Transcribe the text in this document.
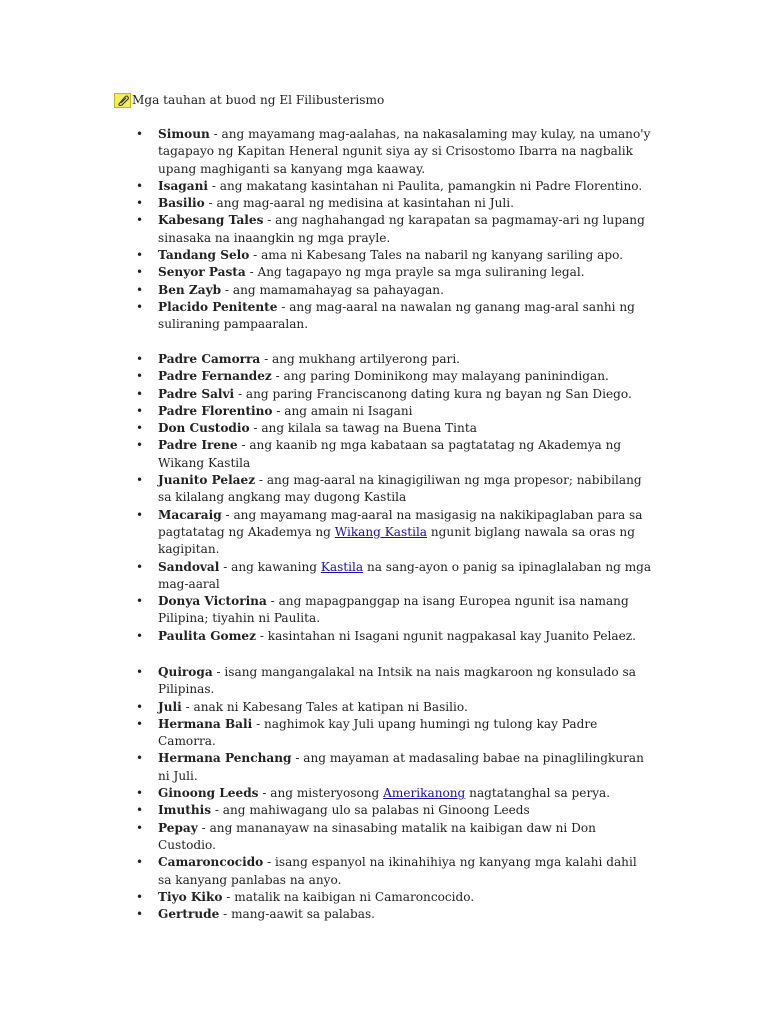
Mga tauhan at buod ng El Filibusterismo
• Simoun - ang mayamang mag-aalahas, na nakasalaming may kulay, na umano'y tagapayo ng Kapitan Heneral ngunit siya ay si Crisostomo Ibarra na nagbalik upang maghiganti sa kanyang mga kaaway.
• Isagani - ang makatang kasintahan ni Paulita, pamangkin ni Padre Florentino.
• Basilio - ang mag-aaral ng medisina at kasintahan ni Juli.
• Kabesang Tales - ang naghahangad ng karapatan sa pagmamay-ari ng lupang sinasaka na inaangkin ng mga prayle.
• Tandang Selo - ama ni Kabesang Tales na nabaril ng kanyang sariling apo.
• Senyor Pasta - Ang tagapayo ng mga prayle sa mga suliraning legal.
• Ben Zayb - ang mamamahayag sa pahayagan.
• Placido Penitente - ang mag-aaral na nawalan ng ganang mag-aral sanhi ng suliraning pampaaralan.
• Padre Camorra - ang mukhang artilyerong pari.
• Padre Fernandez - ang paring Dominikong may malayang paninindigan.
• Padre Salvi - ang paring Franciscanong dating kura ng bayan ng San Diego.
• Padre Florentino - ang amain ni Isagani
• Don Custodio - ang kilala sa tawag na Buena Tinta
• Padre Irene - ang kaanib ng mga kabataan sa pagtatatag ng Akademya ng Wikang Kastila
• Juanito Pelaez - ang mag-aaral na kinagigiliwan ng mga propesor; nabibilang sa kilalang angkang may dugong Kastila
• Macaraig - ang mayamang mag-aaral na masigasig na nakikipaglaban para sa pagtatatag ng Akademya ng Wikang Kastila ngunit biglang nawala sa oras ng kagipitan.
• Sandoval - ang kawaning Kastila na sang-ayon o panig sa ipinaglalaban ng mga mag-aaral
• Donya Victorina - ang mapagpanggap na isang Europea ngunit isa namang Pilipina; tiyahin ni Paulita.
• Paulita Gomez - kasintahan ni Isagani ngunit nagpakasal kay Juanito Pelaez.
• Quiroga - isang mangangalakal na Intsik na nais magkaroon ng konsulado sa Pilipinas.
• Juli - anak ni Kabesang Tales at katipan ni Basilio.
• Hermana Bali - naghimok kay Juli upang humingi ng tulong kay Padre Camorra.
• Hermana Penchang - ang mayaman at madasaling babae na pinaglilingkuran ni Juli.
• Ginoong Leeds - ang misteryosong Amerikanong nagtatanghal sa perya.
• Imuthis - ang mahiwagang ulo sa palabas ni Ginoong Leeds
• Pepay - ang mananayaw na sinasabing matalik na kaibigan daw ni Don Custodio.
• Camaroncocido - isang espanyol na ikinahihiya ng kanyang mga kalahi dahil sa kanyang panlabas na anyo.
• Tiyo Kiko - matalik na kaibigan ni Camaroncocido.
• Gertrude - mang-aawit sa palabas.
